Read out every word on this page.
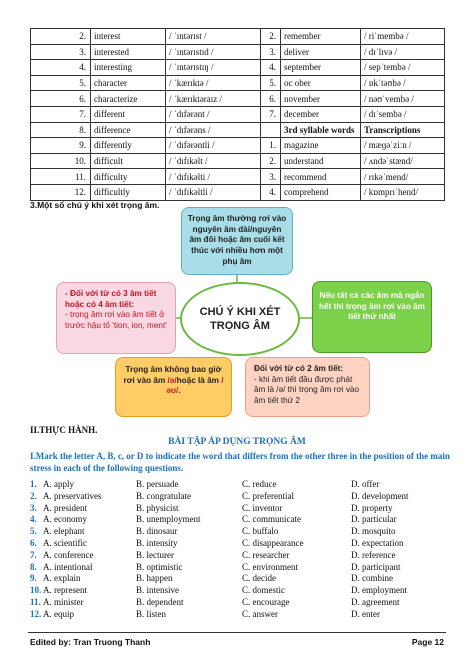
2.	interest	/ ˈɪntərɪst /	2.	remember	/ riˈmembə /
3.	interested	/ ˈɪntərɪstɪd /	3.	deliver	/ dɪˈlɪvə /
4.	interesting	/ ˈɪntərɪstɪŋ /	4.	september	/ sepˈtembə /
5.	character	/ ˈkærɪktə /	5.	oc ober	/ ɒkˈtəʊbə /
6.	characterize	/ ˈkærɪktəraɪz /	6.	november	/ nəʊˈvembə /
7.	different	/ ˈdɪfərənt /	7.	december	/ dɪˈsembə /
8.	difference	/ ˈdɪfərəns /		3rd syllable words	Transcriptions
9.	differently	/ ˈdɪfərəntli /	1.	magazine	/ mæɡəˈziːn /
10.	difficult	/ ˈdɪfɪkəlt /	2.	understand	/ ʌndəˈstænd/
11.	difficulty	/ ˈdɪfɪkəlti /	3.	recommend	/ rɪkəˈmend/
12.	difficultly	/ ˈdɪfɪkəltli /	4.	comprehend	/ kɒmprɪˈhend/
3.Một số chú ý khi xét trọng âm.
Trọng âm thường rơi vào nguyên âm dài/nguyên âm đôi hoặc âm cuối kết thúc với nhiều hơn một phụ âm
- Đối với từ có 3 âm tiết hoặc có 4 âm tiết:
- trọng âm rơi vào âm tiết ở trước hậu tố 'tion, ion, ment'
Nếu tất cả các âm mà ngắn hết thì trọng âm rơi vào âm tiết thứ nhất
Trọng âm không bao giờ rơi vào âm /ə/hoặc là âm /əʊ/.
Đối với từ có 2 âm tiết:
- khi âm tiết đầu được phát âm là /ə/ thì trọng âm rơi vào âm tiết thứ 2
CHÚ Ý KHI XÉT TRỌNG ÂM
II.THỰC HÀNH.
BÀI TẬP ÁP DỤNG TRỌNG ÂM
I.Mark the letter A, B, c, or D to indicate the word that differs from the other three in the position of the main stress in each of the following questions.
1. A. apply	B. persuade	C. reduce	D. offer
2. A. preservatives	B. congratulate	C. preferential	D. development
3. A. president	B. physicist	C. inventor	D. property
4. A. economy	B. unemployment	C. communicate	D. particular
5. A. elephant	B. dinosaur	C. buffalo	D. mosquito
6. A. scientific	B. intensity	C. disappearance	D. expectation
7. A. conference	B. lecturer	C. researcher	D. reference
8. A. intentional	B. optimistic	C. environment	D. participant
9. A. explain	B. happen	C. decide	D. combine
10. A. represent	B. intensive	C. domestic	D. employment
11. A. minister	B. dependent	C. encourage	D. agreement
12. A. equip	B. listen	C. answer	D. enter
Edited by: Tran Truong Thanh	Page 12
